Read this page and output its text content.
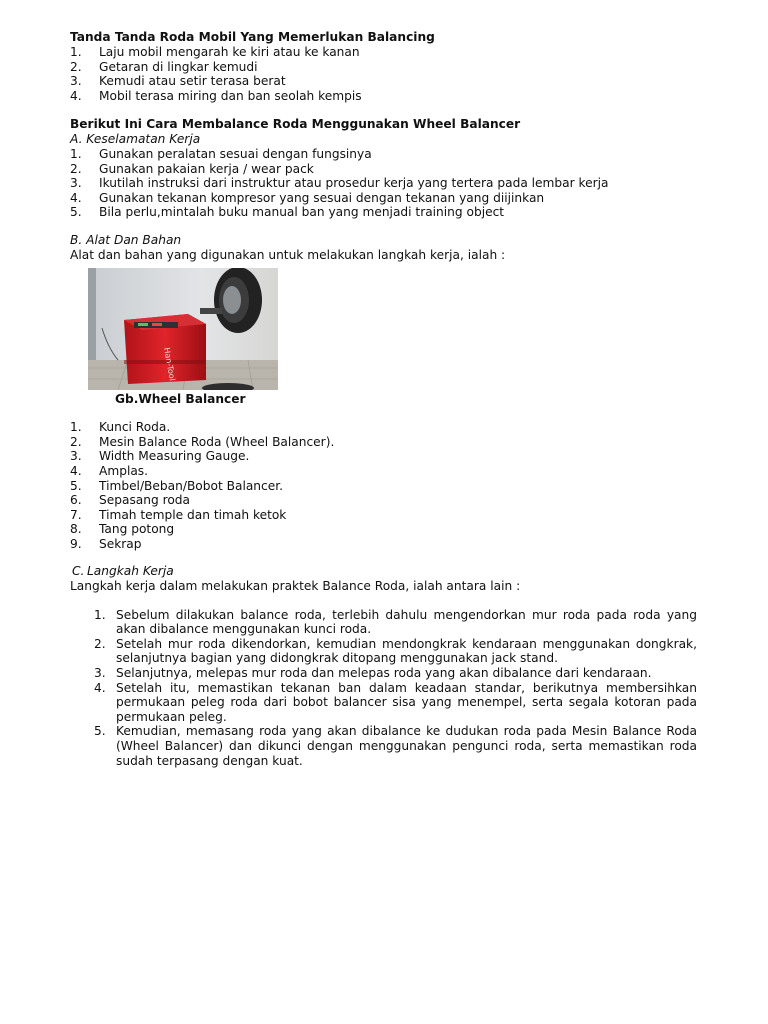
Tanda Tanda Roda Mobil Yang Memerlukan Balancing

1.	Laju mobil mengarah ke kiri atau ke kanan
2.	Getaran di lingkar kemudi
3.	Kemudi atau setir terasa berat
4.	Mobil terasa miring dan ban seolah kempis

Berikut Ini Cara Membalance Roda Menggunakan Wheel Balancer

A. Keselamatan Kerja

1.	Gunakan peralatan sesuai dengan fungsinya
2.	Gunakan pakaian kerja / wear pack
3.	Ikutilah instruksi dari instruktur atau prosedur kerja yang tertera pada lembar kerja
4.	Gunakan tekanan kompresor yang sesuai dengan tekanan yang diijinkan
5.	Bila perlu,mintalah buku manual ban yang menjadi training object

B. Alat Dan Bahan

Alat dan bahan yang digunakan untuk melakukan langkah kerja, ialah :

Han-Tool

Gb.Wheel Balancer

1.	Kunci Roda.
2.	Mesin Balance Roda (Wheel Balancer).
3.	Width Measuring Gauge.
4.	Amplas.
5.	Timbel/Beban/Bobot Balancer.
6.	Sepasang roda
7.	Timah temple dan timah ketok
8.	Tang potong
9.	Sekrap

C. Langkah Kerja

Langkah kerja dalam melakukan praktek Balance Roda, ialah antara lain :

1. Sebelum dilakukan balance roda, terlebih dahulu mengendorkan mur roda pada roda yang akan dibalance menggunakan kunci roda.
2. Setelah mur roda dikendorkan, kemudian mendongkrak kendaraan menggunakan dongkrak, selanjutnya bagian yang didongkrak ditopang menggunakan jack stand.
3. Selanjutnya, melepas mur roda dan melepas roda yang akan dibalance dari kendaraan.
4. Setelah itu, memastikan tekanan ban dalam keadaan standar, berikutnya membersihkan permukaan peleg roda dari bobot balancer sisa yang menempel, serta segala kotoran pada permukaan peleg.
5. Kemudian, memasang roda yang akan dibalance ke dudukan roda pada Mesin Balance Roda (Wheel Balancer) dan dikunci dengan menggunakan pengunci roda, serta memastikan roda sudah terpasang dengan kuat.
